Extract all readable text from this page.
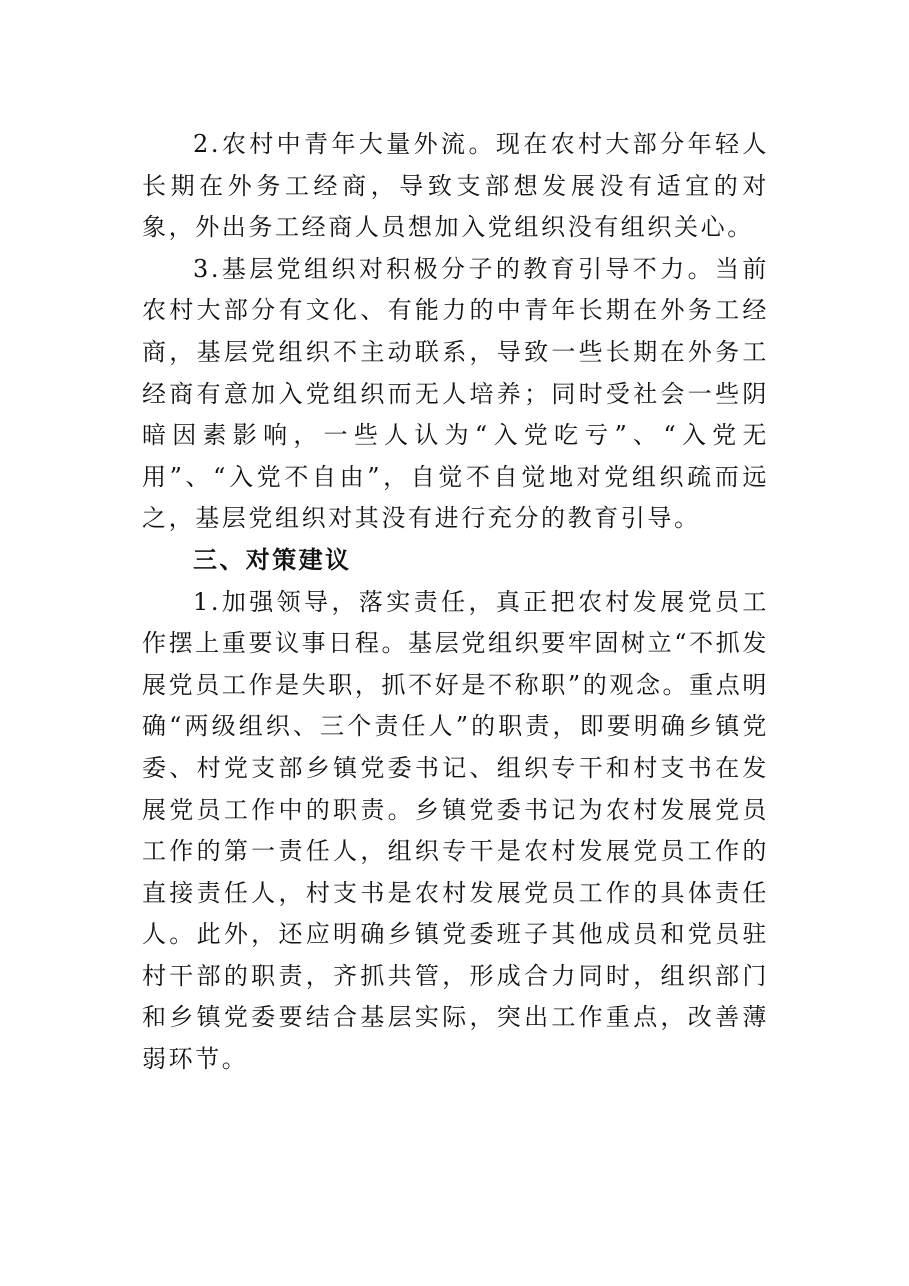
2.农村中青年大量外流。现在农村大部分年轻人长期在外务工经商，导致支部想发展没有适宜的对象，外出务工经商人员想加入党组织没有组织关心。

3.基层党组织对积极分子的教育引导不力。当前农村大部分有文化、有能力的中青年长期在外务工经商，基层党组织不主动联系，导致一些长期在外务工经商有意加入党组织而无人培养；同时受社会一些阴暗因素影响，一些人认为“入党吃亏”、“入党无用”、“入党不自由”，自觉不自觉地对党组织疏而远之，基层党组织对其没有进行充分的教育引导。

三、对策建议

1.加强领导，落实责任，真正把农村发展党员工作摆上重要议事日程。基层党组织要牢固树立“不抓发展党员工作是失职，抓不好是不称职”的观念。重点明确“两级组织、三个责任人”的职责，即要明确乡镇党委、村党支部乡镇党委书记、组织专干和村支书在发展党员工作中的职责。乡镇党委书记为农村发展党员工作的第一责任人，组织专干是农村发展党员工作的直接责任人，村支书是农村发展党员工作的具体责任人。此外，还应明确乡镇党委班子其他成员和党员驻村干部的职责，齐抓共管，形成合力同时，组织部门和乡镇党委要结合基层实际，突出工作重点，改善薄弱环节。
